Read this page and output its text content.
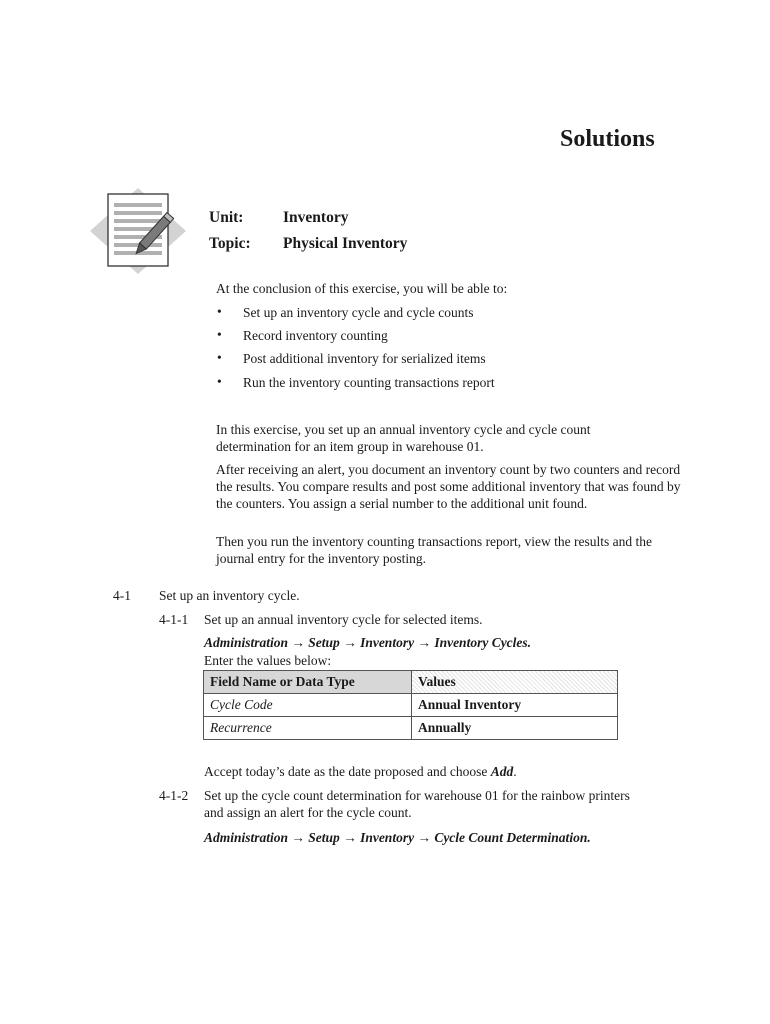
Solutions
Unit:	Inventory
Topic: Physical Inventory
At the conclusion of this exercise, you will be able to:
• Set up an inventory cycle and cycle counts
• Record inventory counting
• Post additional inventory for serialized items
• Run the inventory counting transactions report
In this exercise, you set up an annual inventory cycle and cycle count determination for an item group in warehouse 01.
After receiving an alert, you document an inventory count by two counters and record the results. You compare results and post some additional inventory that was found by the counters. You assign a serial number to the additional unit found.
Then you run the inventory counting transactions report, view the results and the journal entry for the inventory posting.
4-1 Set up an inventory cycle.
4-1-1 Set up an annual inventory cycle for selected items.
Administration → Setup → Inventory → Inventory Cycles.
Enter the values below:
Field Name or Data Type	Values
Cycle Code	Annual Inventory
Recurrence	Annually
Accept today’s date as the date proposed and choose Add.
4-1-2 Set up the cycle count determination for warehouse 01 for the rainbow printers and assign an alert for the cycle count.
Administration → Setup → Inventory → Cycle Count Determination.
